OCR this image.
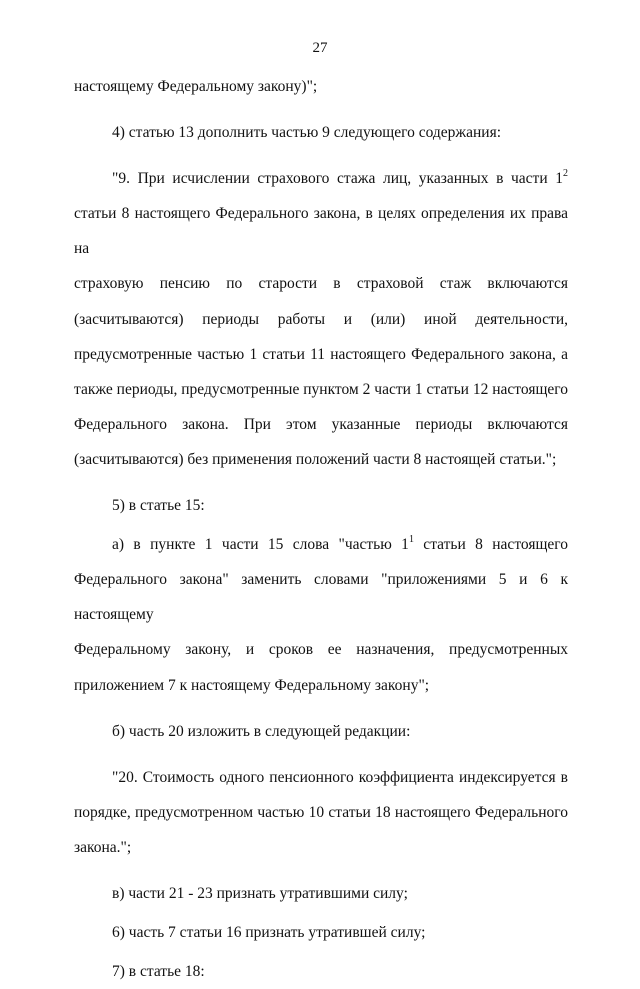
27

настоящему Федеральному закону)";

4) статью 13 дополнить частью 9 следующего содержания:

"9. При исчислении страхового стажа лиц, указанных в части $1^2$
статьи 8 настоящего Федерального закона, в целях определения их права на
страховую пенсию по старости в страховой стаж включаются
(засчитываются) периоды работы и (или) иной деятельности,
предусмотренные частью 1 статьи 11 настоящего Федерального закона, а
также периоды, предусмотренные пунктом 2 части 1 статьи 12 настоящего
Федерального закона. При этом указанные периоды включаются
(засчитываются) без применения положений части 8 настоящей статьи.";

5) в статье 15:

а) в пункте 1 части 15 слова "частью $1^1$ статьи 8 настоящего
Федерального закона" заменить словами "приложениями 5 и 6 к настоящему
Федеральному закону, и сроков ее назначения, предусмотренных
приложением 7 к настоящему Федеральному закону";

б) часть 20 изложить в следующей редакции:

"20. Стоимость одного пенсионного коэффициента индексируется в
порядке, предусмотренном частью 10 статьи 18 настоящего Федерального
закона.";

в) части 21 - 23 признать утратившими силу;

6) часть 7 статьи 16 признать утратившей силу;

7) в статье 18:
